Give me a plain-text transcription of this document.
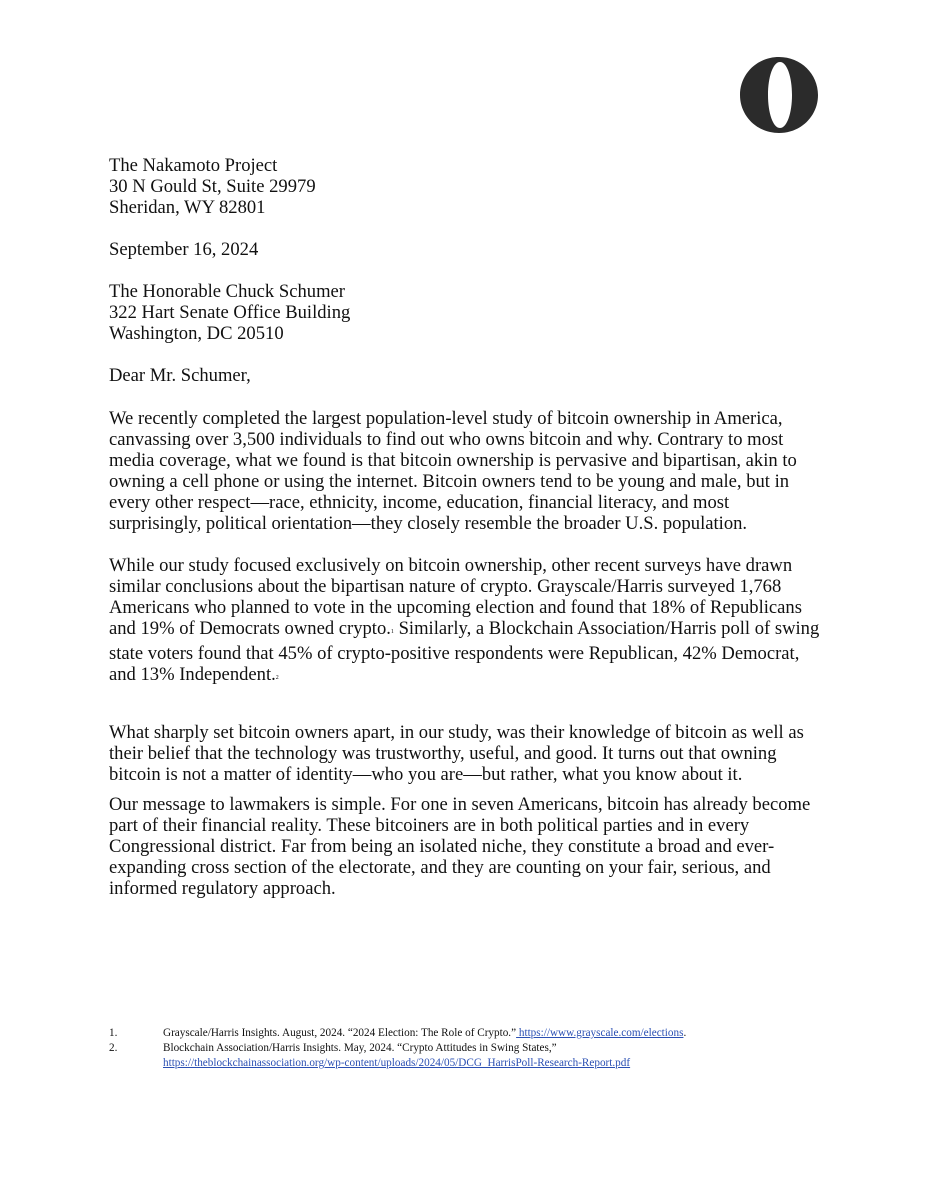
The Nakamoto Project
30 N Gould St, Suite 29979
Sheridan, WY 82801
September 16, 2024
The Honorable Chuck Schumer
322 Hart Senate Office Building
Washington, DC 20510
Dear Mr. Schumer,
We recently completed the largest population-level study of bitcoin ownership in America,
canvassing over 3,500 individuals to find out who owns bitcoin and why. Contrary to most
media coverage, what we found is that bitcoin ownership is pervasive and bipartisan, akin to
owning a cell phone or using the internet. Bitcoin owners tend to be young and male, but in
every other respect—race, ethnicity, income, education, financial literacy, and most
surprisingly, political orientation—they closely resemble the broader U.S. population.
While our study focused exclusively on bitcoin ownership, other recent surveys have drawn
similar conclusions about the bipartisan nature of crypto. Grayscale/Harris surveyed 1,768
Americans who planned to vote in the upcoming election and found that 18% of Republicans
and 19% of Democrats owned crypto.$^1$ Similarly, a Blockchain Association/Harris poll of swing
state voters found that 45% of crypto-positive respondents were Republican, 42% Democrat,
and 13% Independent.$^2$
What sharply set bitcoin owners apart, in our study, was their knowledge of bitcoin as well as
their belief that the technology was trustworthy, useful, and good. It turns out that owning
bitcoin is not a matter of identity—who you are—but rather, what you know about it.
Our message to lawmakers is simple. For one in seven Americans, bitcoin has already become
part of their financial reality. These bitcoiners are in both political parties and in every
Congressional district. Far from being an isolated niche, they constitute a broad and ever-
expanding cross section of the electorate, and they are counting on your fair, serious, and
informed regulatory approach.
1.	Grayscale/Harris Insights. August, 2024. “2024 Election: The Role of Crypto.” https://www.grayscale.com/elections.
2.	Blockchain Association/Harris Insights. May, 2024. “Crypto Attitudes in Swing States,”
https://theblockchainassociation.org/wp-content/uploads/2024/05/DCG_HarrisPoll-Research-Report.pdf
